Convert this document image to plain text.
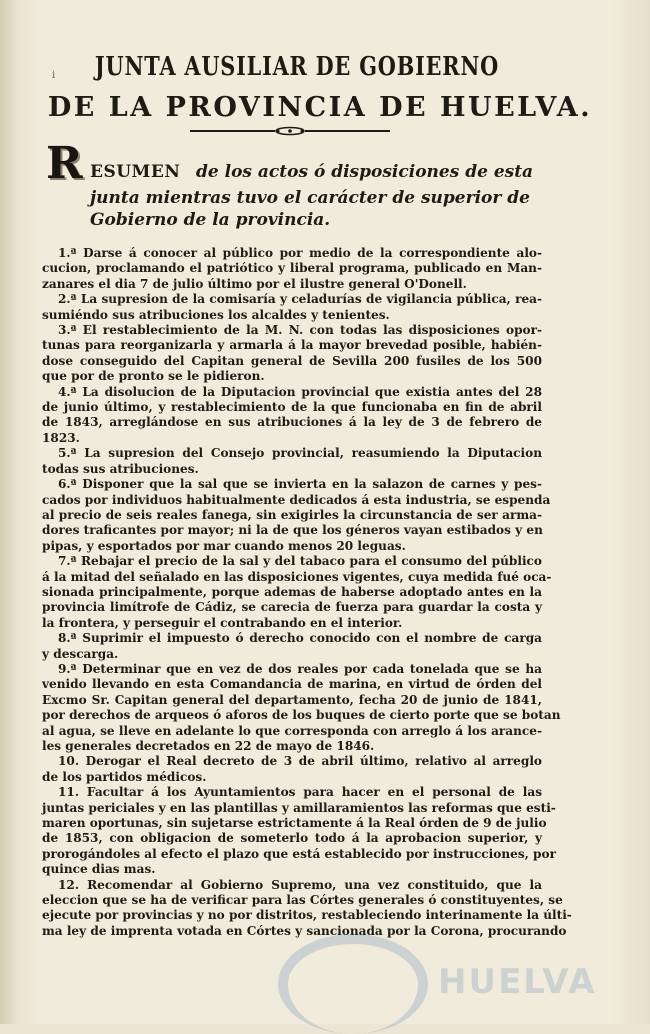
i	JUNTA AUSILIAR DE GOBIERNO
DE LA PROVINCIA DE HUELVA.
R ESUMEN de los actos ó disposiciones de esta
junta mientras tuvo el carácter de superior de
Gobierno de la provincia.
1.ª Darse á conocer al público por medio de la correspondiente alo-
cucion, proclamando el patriótico y liberal programa, publicado en Man-
zanares el dia 7 de julio último por el ilustre general O'Donell.
2.ª La supresion de la comisaría y celadurías de vigilancia pública, rea-
sumiéndo sus atribuciones los alcaldes y tenientes.
3.ª El restablecimiento de la M. N. con todas las disposiciones opor-
tunas para reorganizarla y armarla á la mayor brevedad posible, habién-
dose conseguido del Capitan general de Sevilla 200 fusiles de los 500
que por de pronto se le pidieron.
4.ª La disolucion de la Diputacion provincial que existia antes del 28
de junio último, y restablecimiento de la que funcionaba en fin de abril
de 1843, arreglándose en sus atribuciones á la ley de 3 de febrero de
1823.
5.ª La supresion del Consejo provincial, reasumiendo la Diputacion
todas sus atribuciones.
6.ª Disponer que la sal que se invierta en la salazon de carnes y pes-
cados por individuos habitualmente dedicados á esta industria, se espenda
al precio de seis reales fanega, sin exigirles la circunstancia de ser arma-
dores traficantes por mayor; ni la de que los géneros vayan estibados y en
pipas, y esportados por mar cuando menos 20 leguas.
7.ª Rebajar el precio de la sal y del tabaco para el consumo del público
á la mitad del señalado en las disposiciones vigentes, cuya medida fué oca-
sionada principalmente, porque ademas de haberse adoptado antes en la
provincia limítrofe de Cádiz, se carecia de fuerza para guardar la costa y
la frontera, y perseguir el contrabando en el interior.
8.ª Suprimir el impuesto ó derecho conocido con el nombre de carga
y descarga.
9.ª Determinar que en vez de dos reales por cada tonelada que se ha
venido llevando en esta Comandancia de marina, en virtud de órden del
Excmo Sr. Capitan general del departamento, fecha 20 de junio de 1841,
por derechos de arqueos ó aforos de los buques de cierto porte que se botan
al agua, se lleve en adelante lo que corresponda con arreglo á los arance-
les generales decretados en 22 de mayo de 1846.
10. Derogar el Real decreto de 3 de abril último, relativo al arreglo
de los partidos médicos.
11. Facultar á los Ayuntamientos para hacer en el personal de las
juntas periciales y en las plantillas y amillaramientos las reformas que esti-
maren oportunas, sin sujetarse estrictamente á la Real órden de 9 de julio
de 1853, con obligacion de someterlo todo á la aprobacion superior, y
prorogándoles al efecto el plazo que está establecido por instrucciones, por
quince dias mas.
12. Recomendar al Gobierno Supremo, una vez constituido, que la
eleccion que se ha de verificar para las Córtes generales ó constituyentes, se
ejecute por provincias y no por distritos, restableciendo interinamente la últi-
ma ley de imprenta votada en Córtes y sancionada por la Corona, procurando
HUELVA
